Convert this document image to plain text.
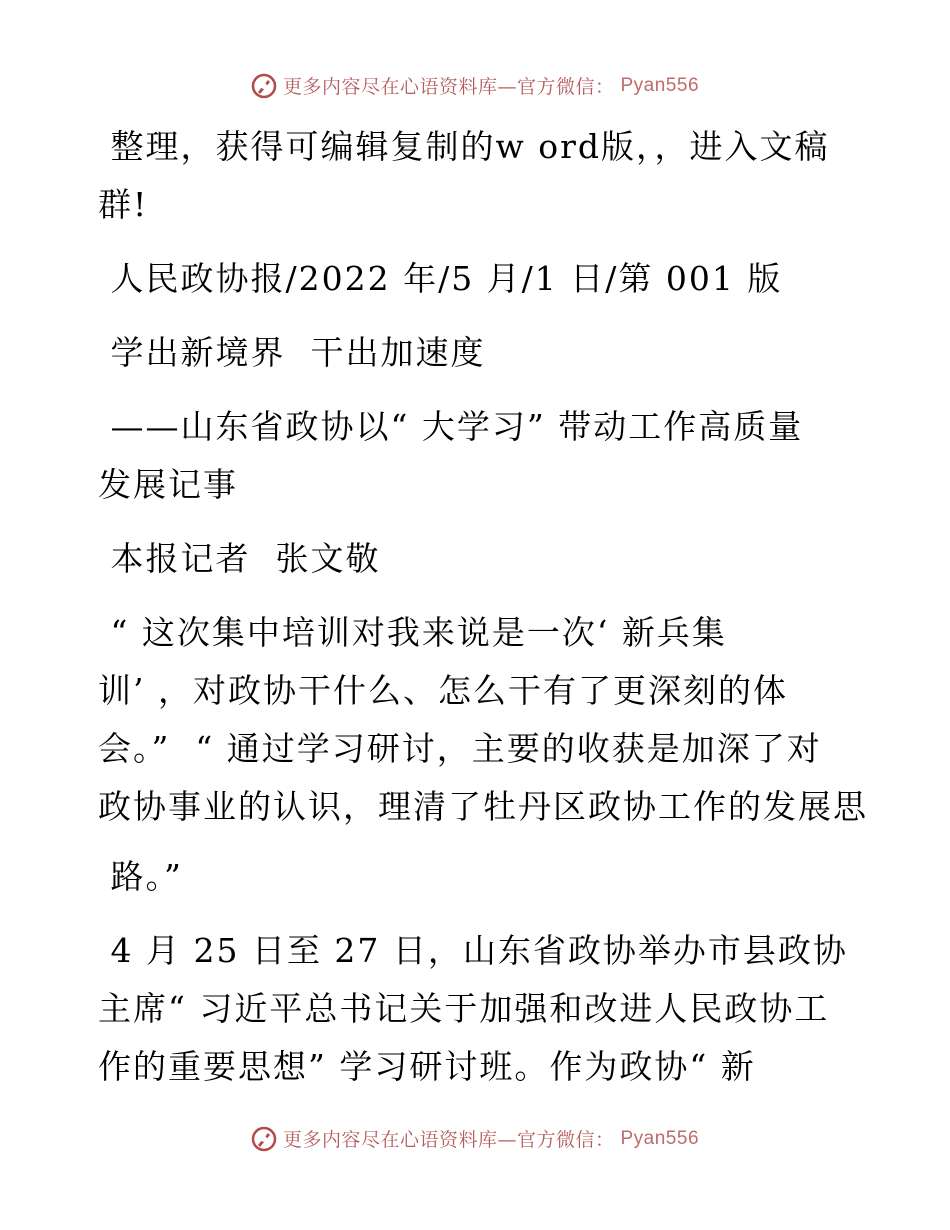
更多内容尽在心语资料库—官方微信： Pyan556
整理，获得可编辑复制的w ord版，，进入文稿
群!
人民政协报/2022 年/5 月/1 日/第 001 版
学出新境界  干出加速度
——山东省政协以“ 大学习” 带动工作高质量
发展记事
本报记者  张文敬
“ 这次集中培训对我来说是一次‘ 新兵集
训’ ，对政协干什么、怎么干有了更深刻的体
会。”  “ 通过学习研讨，主要的收获是加深了对
政协事业的认识，理清了牡丹区政协工作的发展思
路。”
4 月 25 日至 27 日，山东省政协举办市县政协
主席“ 习近平总书记关于加强和改进人民政协工
作的重要思想” 学习研讨班。作为政协“ 新
更多内容尽在心语资料库—官方微信： Pyan556
